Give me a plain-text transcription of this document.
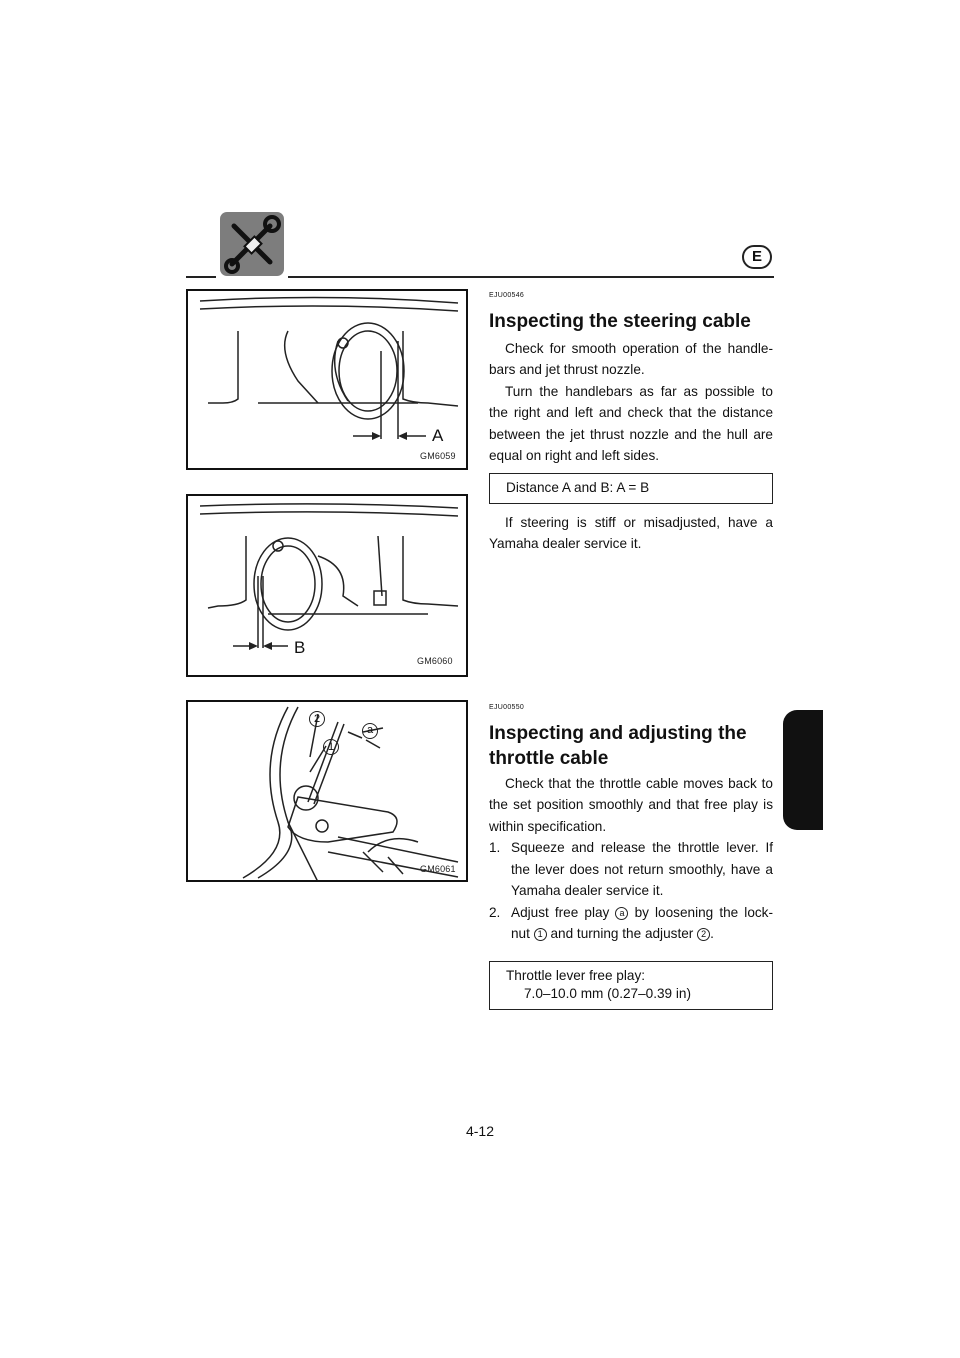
E
A
GM6059
B
GM6060
2
1
a
GM6061
EJU00546
Inspecting the steering cable

Check for smooth operation of the handle-bars and jet thrust nozzle.

Turn the handlebars as far as possible to the right and left and check that the distance between the jet thrust nozzle and the hull are equal on right and left sides.

Distance A and B: A = B

If steering is stiff or misadjusted, have a Yamaha dealer service it.

EJU00550
Inspecting and adjusting the
throttle cable

Check that the throttle cable moves back to the set position smoothly and that free play is within specification.

1. Squeeze and release the throttle lever. If the lever does not return smoothly, have a Yamaha dealer service it.
2. Adjust free play a by loosening the lock-nut 1 and turning the adjuster 2 .
Throttle lever free play:
7.0–10.0 mm (0.27–0.39 in)
4-12
